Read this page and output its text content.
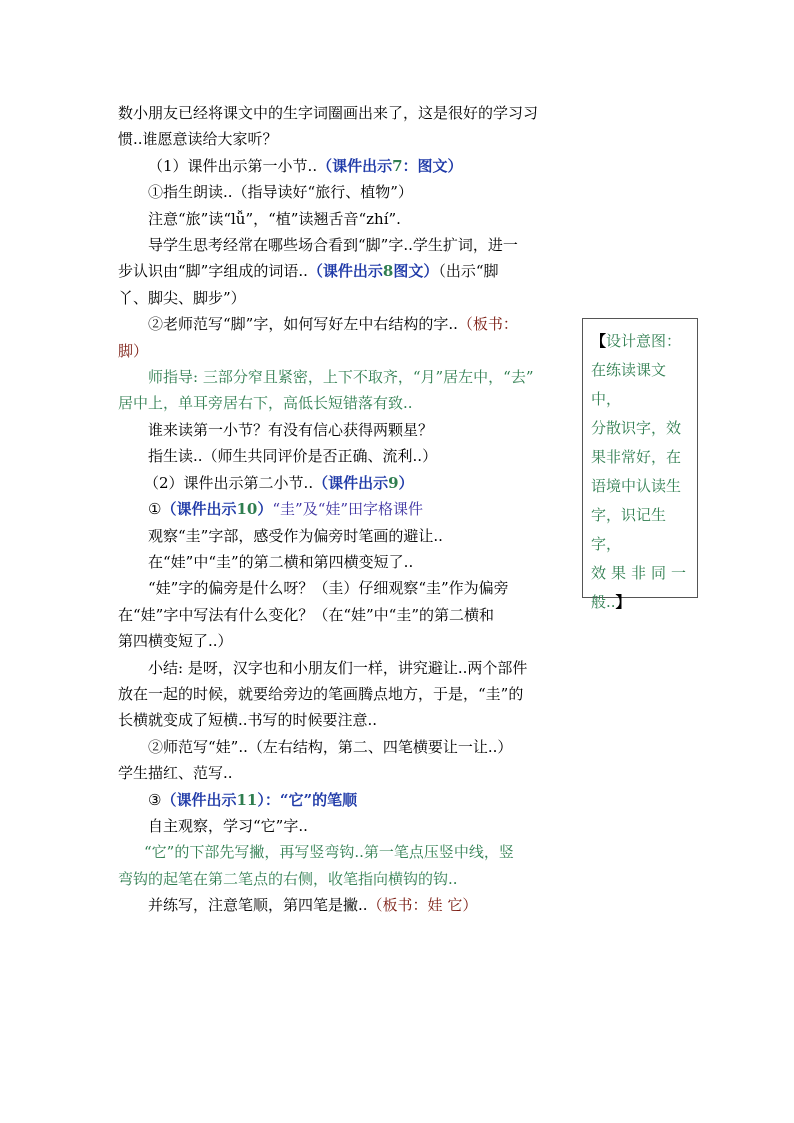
数小朋友已经将课文中的生字词圈画出来了，这是很好的学习习

惯..谁愿意读给大家听？

（1）课件出示第一小节..（课件出示7：图文）

①指生朗读..（指导读好“旅行、植物”）

注意“旅”读“lǚ”，“植”读翘舌音“zhí”.

导学生思考经常在哪些场合看到“脚”字..学生扩词，进一

步认识由“脚”字组成的词语..（课件出示8图文）（出示“脚

丫、脚尖、脚步”）

②老师范写“脚”字，如何写好左中右结构的字..（板书：

脚）

师指导: 三部分窄且紧密，上下不取齐，“月”居左中，“去”

居中上，单耳旁居右下，高低长短错落有致..

谁来读第一小节？有没有信心获得两颗星？

指生读..（师生共同评价是否正确、流利..）

（2）课件出示第二小节..（课件出示9）

①（课件出示10）“圭”及“娃”田字格课件

观察“圭”字部，感受作为偏旁时笔画的避让..

在“娃”中“圭”的第二横和第四横变短了..

“娃”字的偏旁是什么呀？（圭）仔细观察“圭”作为偏旁

在“娃”字中写法有什么变化？（在“娃”中“圭”的第二横和

第四横变短了..）

小结: 是呀，汉字也和小朋友们一样，讲究避让..两个部件

放在一起的时候，就要给旁边的笔画腾点地方，于是，“圭”的

长横就变成了短横..书写的时候要注意..

②师范写“娃”..（左右结构，第二、四笔横要让一让..）

学生描红、范写..

③（课件出示11）：“它”的笔顺

自主观察，学习“它”字..

“它”的下部先写撇，再写竖弯钩..第一笔点压竖中线，竖

弯钩的起笔在第二笔点的右侧，收笔指向横钩的钩..

并练写，注意笔顺，第四笔是撇..（板书：娃 它）

【设计意图：
在练读课文中，
分散识字，效
果非常好，在
语境中认读生
字，识记生字，
效果非同一
般..】
